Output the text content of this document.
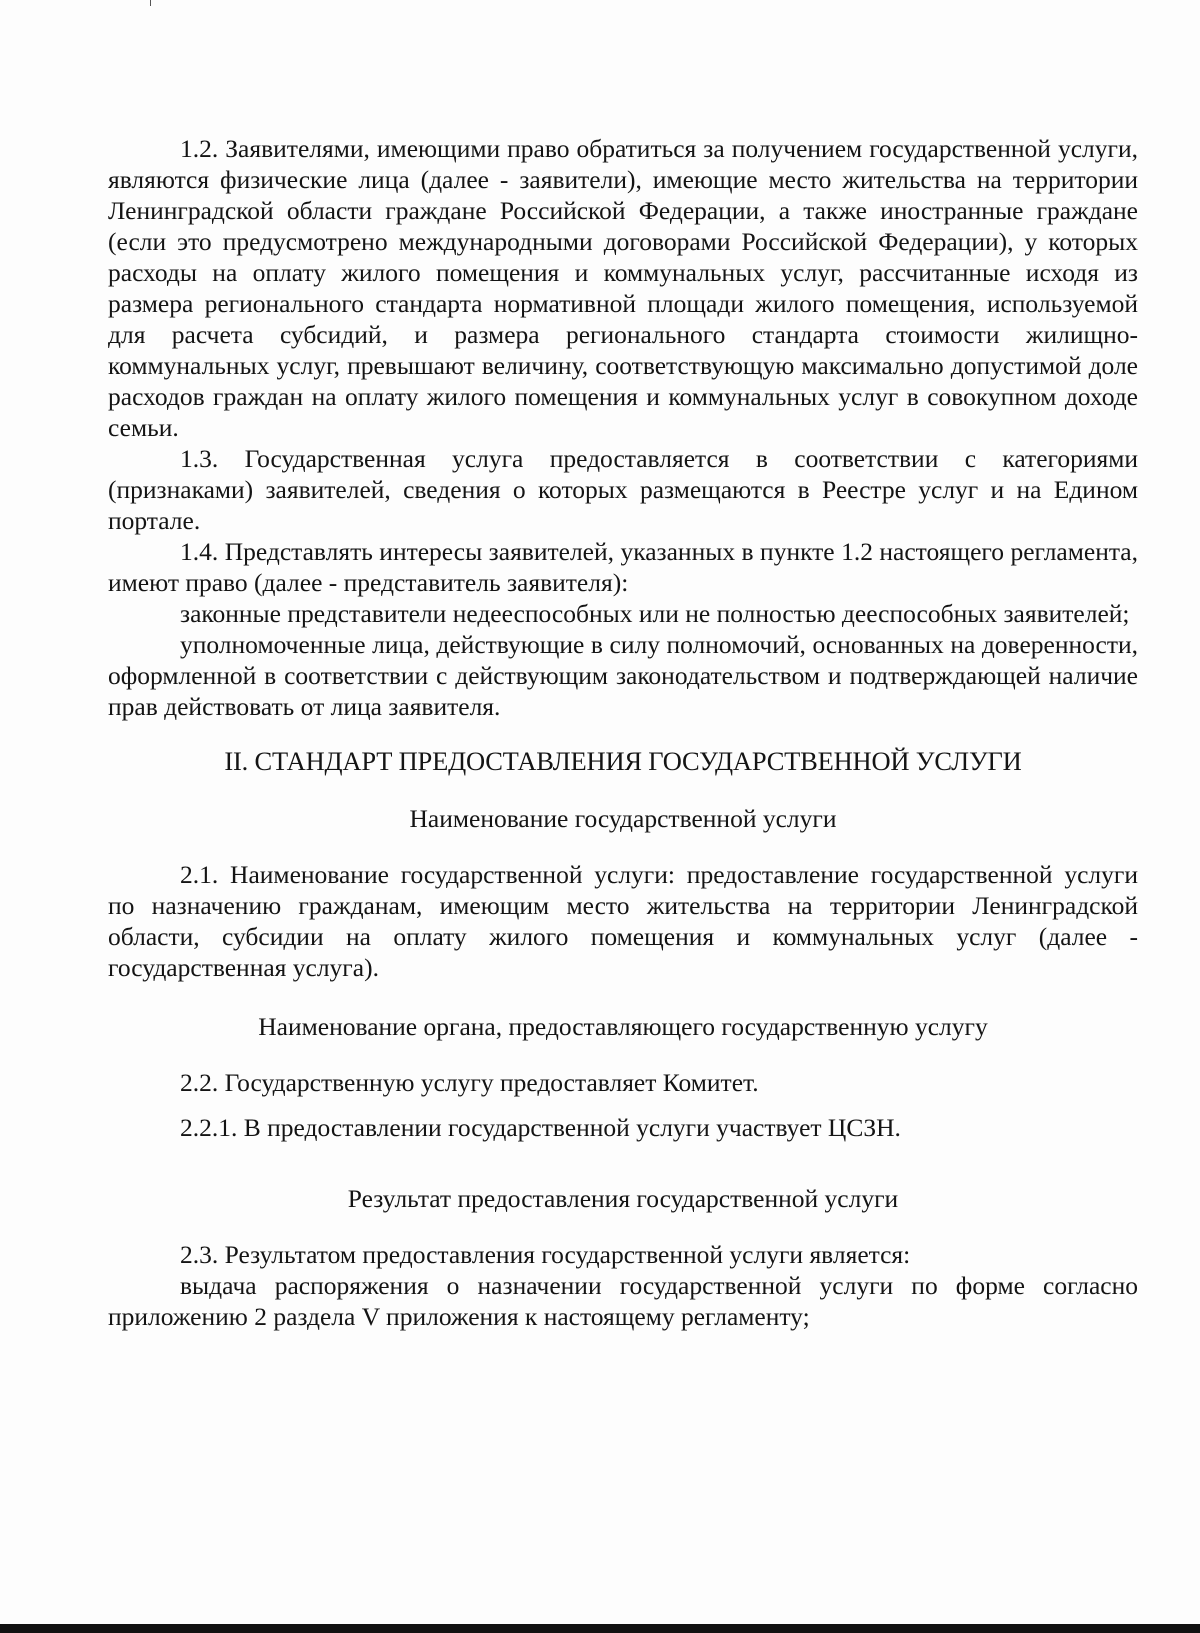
1.2. Заявителями, имеющими право обратиться за получением государственной услуги, являются физические лица (далее - заявители), имеющие место жительства на территории Ленинградской области граждане Российской Федерации, а также иностранные граждане (если это предусмотрено международными договорами Российской Федерации), у которых расходы на оплату жилого помещения и коммунальных услуг, рассчитанные исходя из размера регионального стандарта нормативной площади жилого помещения, используемой для расчета субсидий, и размера регионального стандарта стоимости жилищно-коммунальных услуг, превышают величину, соответствующую максимально допустимой доле расходов граждан на оплату жилого помещения и коммунальных услуг в совокупном доходе семьи.

1.3. Государственная услуга предоставляется в соответствии с категориями (признаками) заявителей, сведения о которых размещаются в Реестре услуг и на Едином портале.

1.4. Представлять интересы заявителей, указанных в пункте 1.2 настоящего регламента, имеют право (далее - представитель заявителя):

законные представители недееспособных или не полностью дееспособных заявителей;

уполномоченные лица, действующие в силу полномочий, основанных на доверенности, оформленной в соответствии с действующим законодательством и подтверждающей наличие прав действовать от лица заявителя.

II. СТАНДАРТ ПРЕДОСТАВЛЕНИЯ ГОСУДАРСТВЕННОЙ УСЛУГИ
Наименование государственной услуги

2.1. Наименование государственной услуги: предоставление государственной услуги по назначению гражданам, имеющим место жительства на территории Ленинградской области, субсидии на оплату жилого помещения и коммунальных услуг (далее - государственная услуга).

Наименование органа, предоставляющего государственную услугу

2.2. Государственную услугу предоставляет Комитет.

2.2.1. В предоставлении государственной услуги участвует ЦСЗН.

Результат предоставления государственной услуги

2.3. Результатом предоставления государственной услуги является:

выдача распоряжения о назначении государственной услуги по форме согласно приложению 2 раздела V приложения к настоящему регламенту;
